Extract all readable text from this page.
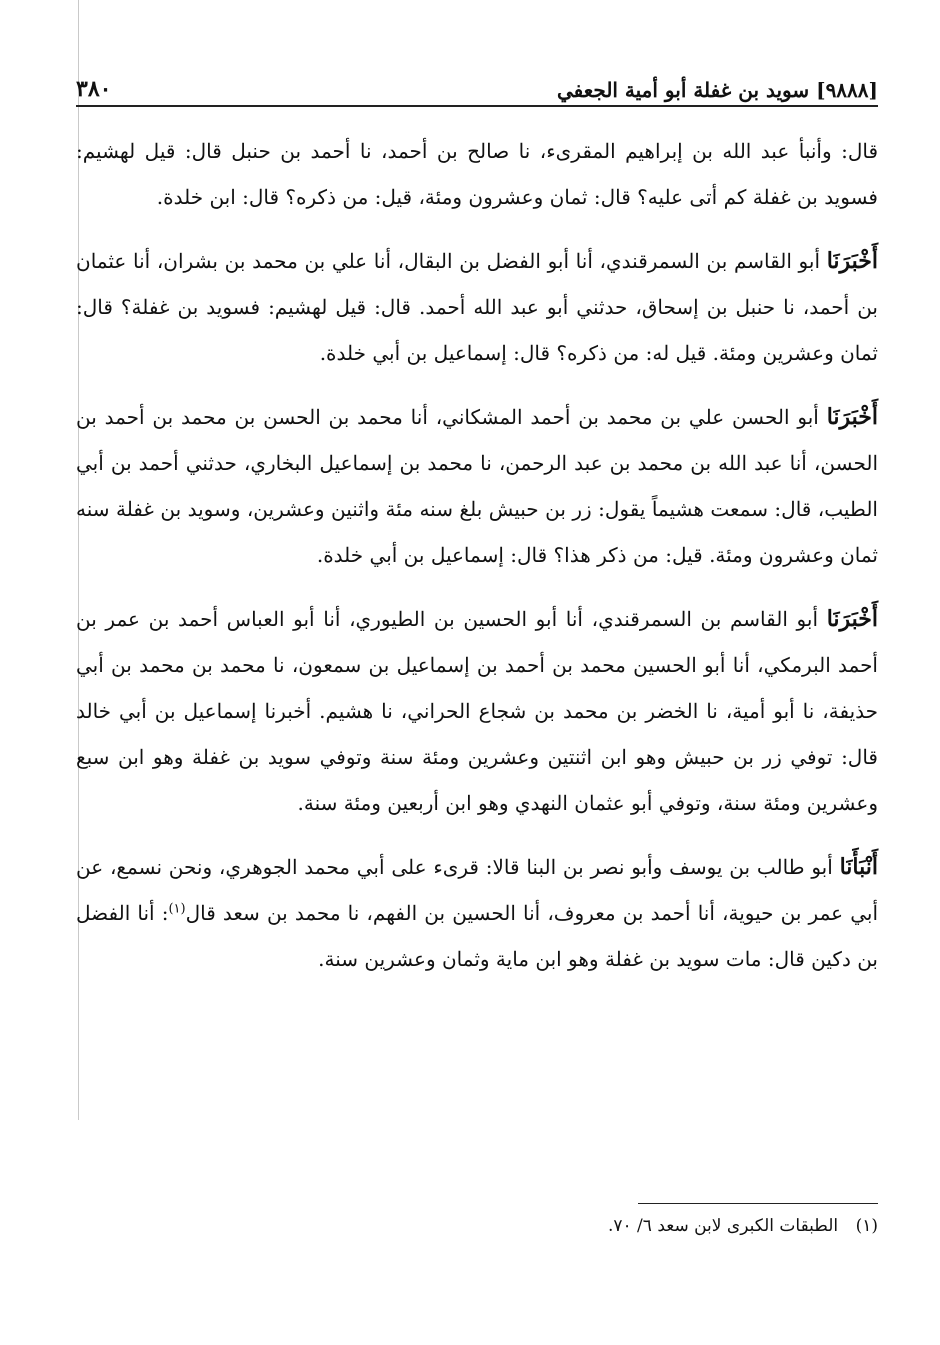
[٩٨٨٨] سويد بن غفلة أبو أمية الجعفي
٣٨٠

قال: وأنبأ عبد الله بن إبراهيم المقرىء، نا صالح بن أحمد، نا أحمد بن حنبل قال: قيل لهشيم: فسويد بن غفلة كم أتى عليه؟ قال: ثمان وعشرون ومئة، قيل: من ذكره؟ قال: ابن خلدة.

أَخْبَرَنَا أبو القاسم بن السمرقندي، أنا أبو الفضل بن البقال، أنا علي بن محمد بن بشران، أنا عثمان بن أحمد، نا حنبل بن إسحاق، حدثني أبو عبد الله أحمد. قال: قيل لهشيم: فسويد بن غفلة؟ قال: ثمان وعشرين ومئة. قيل له: من ذكره؟ قال: إسماعيل بن أبي خلدة.

أَخْبَرَنَا أبو الحسن علي بن محمد بن أحمد المشكاني، أنا محمد بن الحسن بن محمد بن أحمد بن الحسن، أنا عبد الله بن محمد بن عبد الرحمن، نا محمد بن إسماعيل البخاري، حدثني أحمد بن أبي الطيب، قال: سمعت هشيماً يقول: زر بن حبيش بلغ سنه مئة واثنين وعشرين، وسويد بن غفلة سنه ثمان وعشرون ومئة. قيل: من ذكر هذا؟ قال: إسماعيل بن أبي خلدة.

أَخْبَرَنَا أبو القاسم بن السمرقندي، أنا أبو الحسين بن الطيوري، أنا أبو العباس أحمد بن عمر بن أحمد البرمكي، أنا أبو الحسين محمد بن أحمد بن إسماعيل بن سمعون، نا محمد بن محمد بن أبي حذيفة، نا أبو أمية، نا الخضر بن محمد بن شجاع الحراني، نا هشيم. أخبرنا إسماعيل بن أبي خالد قال: توفي زر بن حبيش وهو ابن اثنتين وعشرين ومئة سنة وتوفي سويد بن غفلة وهو ابن سبع وعشرين ومئة سنة، وتوفي أبو عثمان النهدي وهو ابن أربعين ومئة سنة.

أَنْبَأَنَا أبو طالب بن يوسف وأبو نصر بن البنا قالا: قرىء على أبي محمد الجوهري، ونحن نسمع، عن أبي عمر بن حيوية، أنا أحمد بن معروف، أنا الحسين بن الفهم، نا محمد بن سعد قال$^{(١)}$: أنا الفضل بن دكين قال: مات سويد بن غفلة وهو ابن ماية وثمان وعشرين سنة.

(١) الطبقات الكبرى لابن سعد ٦/ ٧٠.
